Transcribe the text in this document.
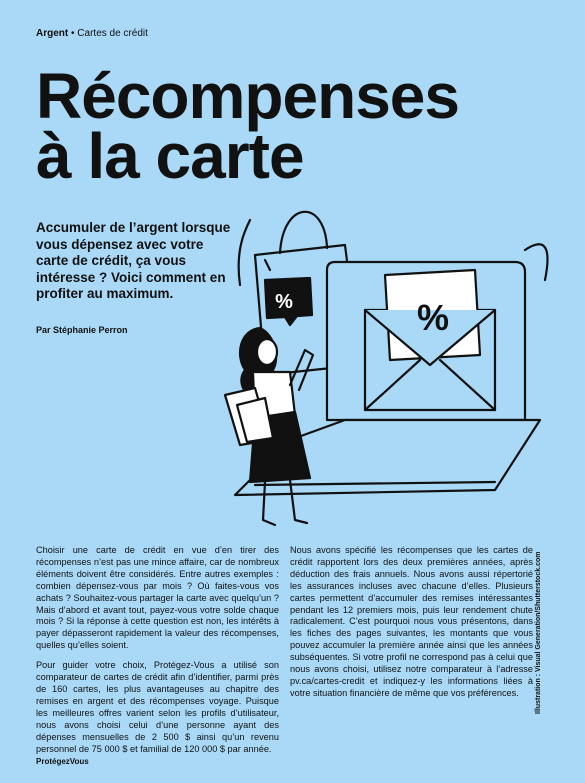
Argent • Cartes de crédit
Récompenses
à la carte
Accumuler de l’argent lorsque vous dépensez avec votre carte de crédit, ça vous intéresse ? Voici comment en profiter au maximum.
Par Stéphanie Perron
%	%

Choisir une carte de crédit en vue d’en tirer des récompenses n’est pas une mince affaire, car de nombreux éléments doivent être considérés. Entre autres exemples : combien dépensez-vous par mois ? Où faites-vous vos achats ? Souhaitez-vous partager la carte avec quelqu’un ? Mais d’abord et avant tout, payez-vous votre solde chaque mois ? Si la réponse à cette question est non, les intérêts à payer dépasseront rapidement la valeur des récompenses, quelles qu’elles soient.

Pour guider votre choix, Protégez-Vous a utilisé son comparateur de cartes de crédit afin d’identifier, parmi près de 160 cartes, les plus avantageuses au chapitre des remises en argent et des récompenses voyage. Puisque les meilleures offres varient selon les profils d’utilisateur, nous avons choisi celui d’une personne ayant des dépenses mensuelles de 2 500 $ ainsi qu’un revenu personnel de 75 000 $ et familial de 120 000 $ par année.

Nous avons spécifié les récompenses que les cartes de crédit rapportent lors des deux premières années, après déduction des frais annuels. Nous avons aussi répertorié les assurances incluses avec chacune d’elles. Plusieurs cartes permettent d’accumuler des remises intéressantes pendant les 12 premiers mois, puis leur rendement chute radicalement. C’est pourquoi nous vous présentons, dans les fiches des pages suivantes, les montants que vous pouvez accumuler la première année ainsi que les années subséquentes. Si votre profil ne correspond pas à celui que nous avons choisi, utilisez notre comparateur à l’adresse pv.ca/cartes-credit et indiquez-y les informations liées à votre situation financière de même que vos préférences.	Illustration : Visual Generation/Shutterstock.com
ProtégezVous
